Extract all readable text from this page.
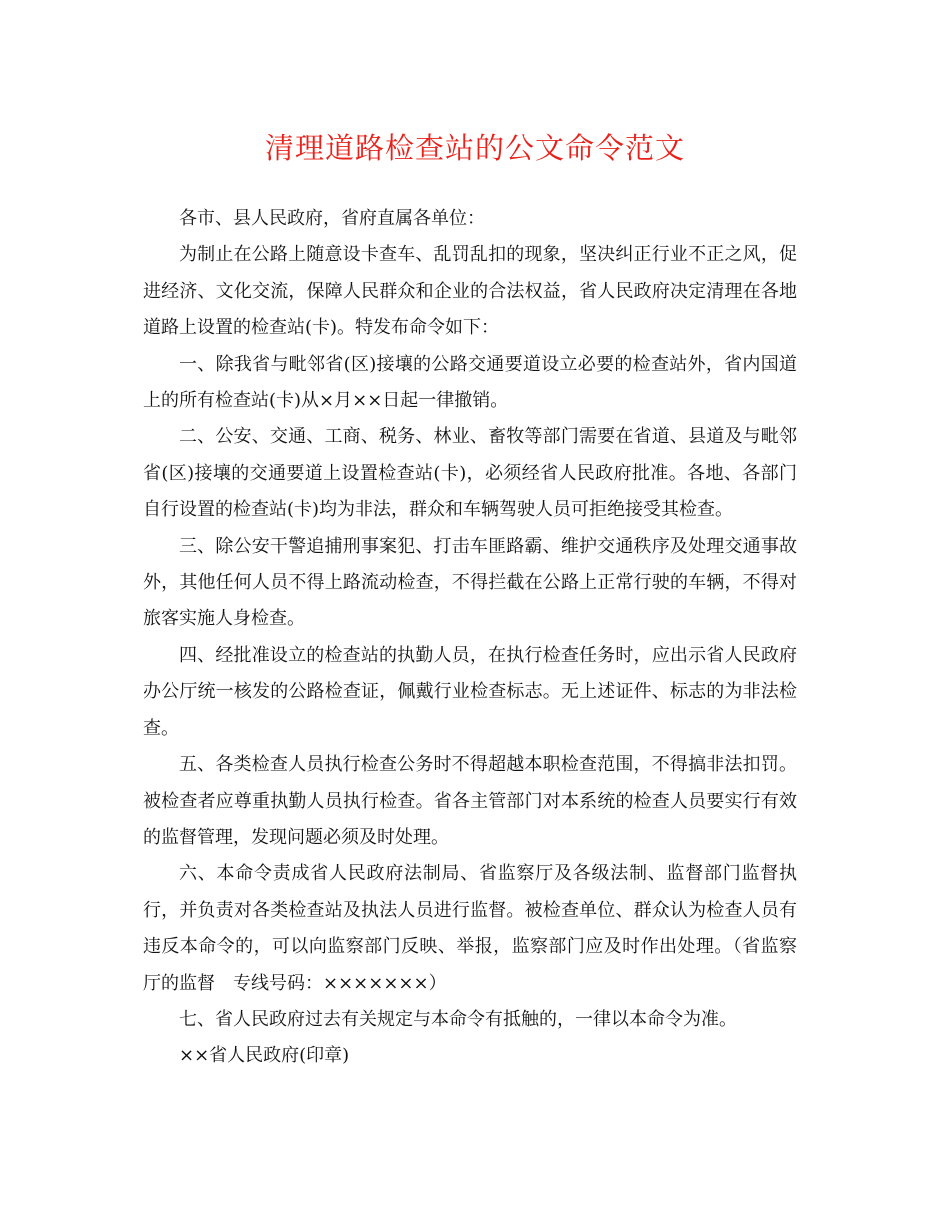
清理道路检查站的公文命令范文

各市、县人民政府，省府直属各单位：

为制止在公路上随意设卡查车、乱罚乱扣的现象，坚决纠正行业不正之风，促进经济、文化交流，保障人民群众和企业的合法权益，省人民政府决定清理在各地道路上设置的检查站(卡)。特发布命令如下：

一、除我省与毗邻省(区)接壤的公路交通要道设立必要的检查站外，省内国道上的所有检查站(卡)从×月××日起一律撤销。

二、公安、交通、工商、税务、林业、畜牧等部门需要在省道、县道及与毗邻省(区)接壤的交通要道上设置检查站(卡)，必须经省人民政府批准。各地、各部门自行设置的检查站(卡)均为非法，群众和车辆驾驶人员可拒绝接受其检查。

三、除公安干警追捕刑事案犯、打击车匪路霸、维护交通秩序及处理交通事故外，其他任何人员不得上路流动检查，不得拦截在公路上正常行驶的车辆，不得对旅客实施人身检查。

四、经批准设立的检查站的执勤人员，在执行检查任务时，应出示省人民政府办公厅统一核发的公路检查证，佩戴行业检查标志。无上述证件、标志的为非法检查。

五、各类检查人员执行检查公务时不得超越本职检查范围，不得搞非法扣罚。被检查者应尊重执勤人员执行检查。省各主管部门对本系统的检查人员要实行有效的监督管理，发现问题必须及时处理。

六、本命令责成省人民政府法制局、省监察厅及各级法制、监督部门监督执行，并负责对各类检查站及执法人员进行监督。被检查单位、群众认为检查人员有违反本命令的，可以向监察部门反映、举报，监察部门应及时作出处理。（省监察厅的监督　专线号码：×××××××）

七、省人民政府过去有关规定与本命令有抵触的，一律以本命令为准。

××省人民政府(印章)
